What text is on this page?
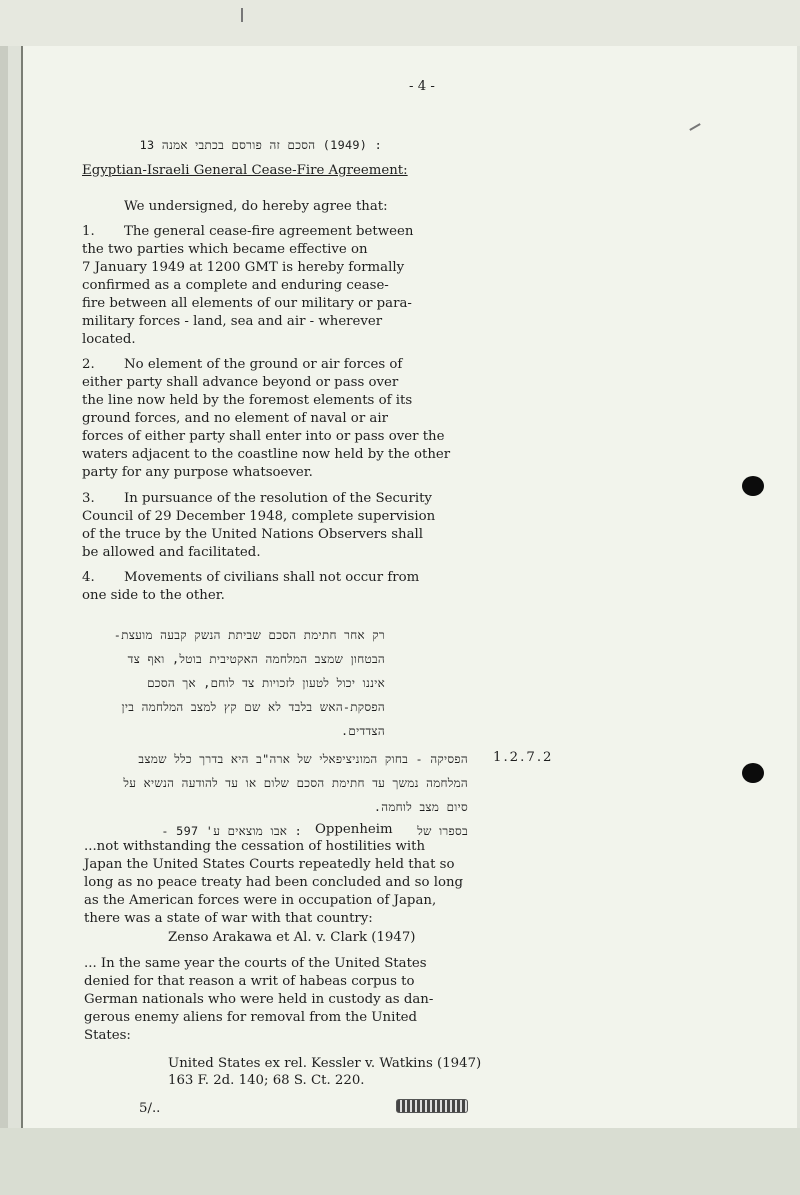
- 4 -
: (1949) הסכם זה פורסם בכתבי אמנה 13
Egyptian-Israeli General Cease-Fire Agreement:
We undersigned, do hereby agree that:
1. The general cease-fire agreement between
the two parties which became effective on
7 January 1949 at 1200 GMT is hereby formally
confirmed as a complete and enduring cease-
fire between all elements of our military or para-
military forces - land, sea and air - wherever
located.
2. No element of the ground or air forces of
either party shall advance beyond or pass over
the line now held by the foremost elements of its
ground forces, and no element of naval or air
forces of either party shall enter into or pass over the
waters adjacent to the coastline now held by the other
party for any purpose whatsoever.
3. In pursuance of the resolution of the Security
Council of 29 December 1948, complete supervision
of the truce by the United Nations Observers shall
be allowed and facilitated.
4. Movements of civilians shall not occur from
one side to the other.
רק אחר חתימת הסכם שביתת הנשק קבעה מועצת-
הבטחון שמצב המלחמה האקטיבית בוטל, ואף צד
איננו יכול לטעון לזכויות צד לוחם, אך הסכם
הפסקת-האש בלבד לא שם קץ למצב המלחמה בין
הצדדים.
1.2.7.2
הפסיקה - בחוק המוניציפאלי של ארה"ב היא בדרך כלל שמצב
המלחמה נמשך עד חתימת הסכם שלום או עד להודעה הנשיא על
סיום מצב לוחמה.
בספרו של
Oppenheim
: אבו מוצאים ע' 597 -
...not withstanding the cessation of hostilities with
Japan the United States Courts repeatedly held that so
long as no peace treaty had been concluded and so long
as the American forces were in occupation of Japan,
there was a state of war with that country:
Zenso Arakawa et Al. v. Clark (1947)
... In the same year the courts of the United States
denied for that reason a writ of habeas corpus to
German nationals who were held in custody as dan-
gerous enemy aliens for removal from the United
States:
United States ex rel. Kessler v. Watkins (1947)
163 F. 2d. 140; 68 S. Ct. 220.
5/..
